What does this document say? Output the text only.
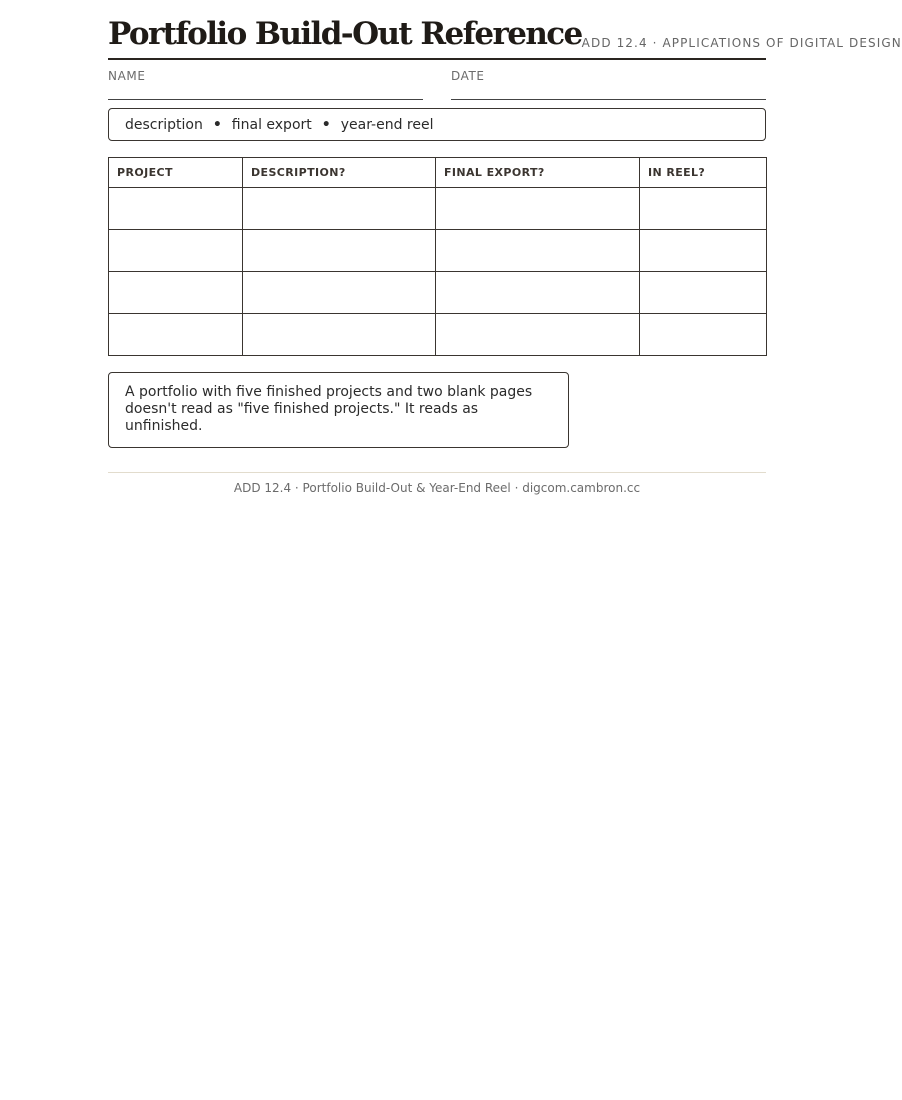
Portfolio Build-Out Reference ADD 12.4 · APPLICATIONS OF DIGITAL DESIGN
NAME	DATE
description • final export • year-end reel
PROJECT	DESCRIPTION?	FINAL EXPORT?	IN REEL?

A portfolio with five finished projects and two blank pages doesn't read as "five finished projects." It reads as unfinished.
ADD 12.4 · Portfolio Build-Out & Year-End Reel · digcom.cambron.cc
